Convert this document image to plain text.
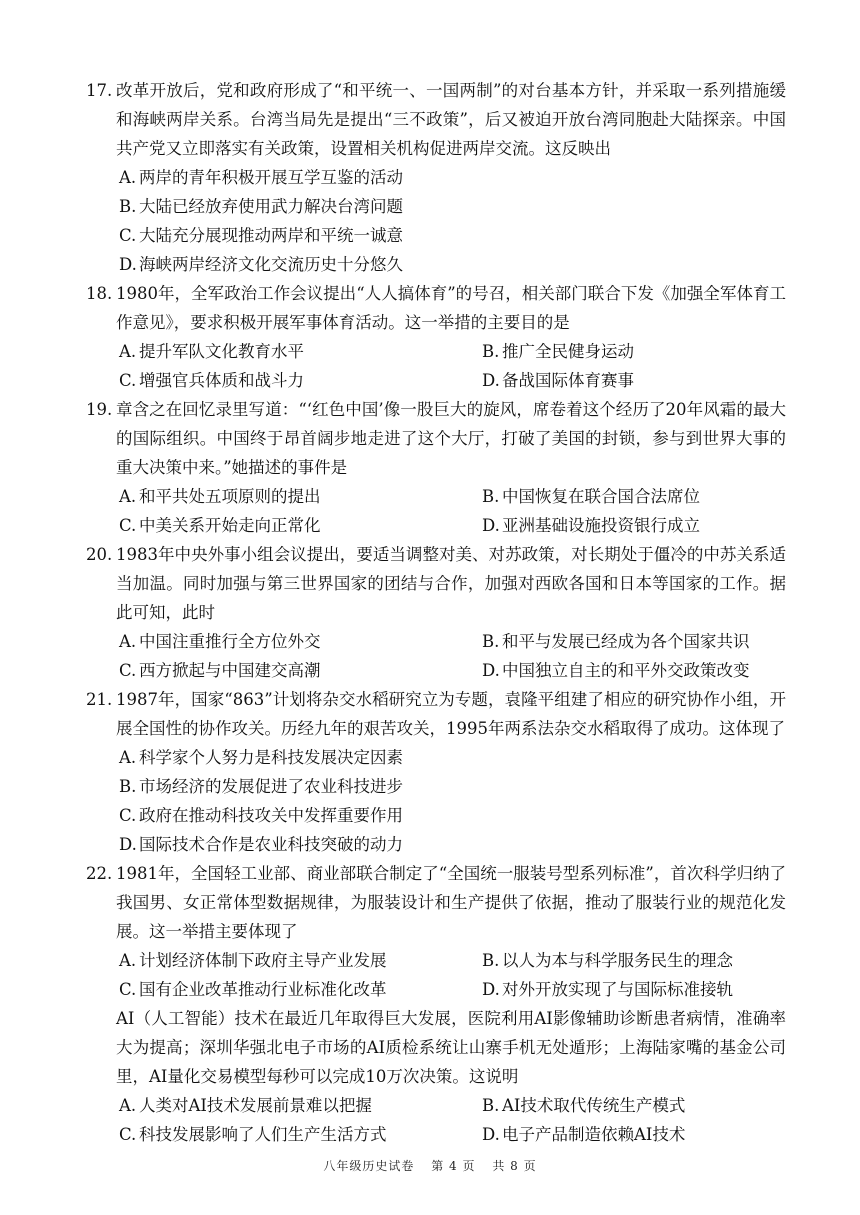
17. 改革开放后，党和政府形成了“和平统一、一国两制”的对台基本方针，并采取一系列措施缓和海峡两岸关系。台湾当局先是提出“三不政策”，后又被迫开放台湾同胞赴大陆探亲。中国共产党又立即落实有关政策，设置相关机构促进两岸交流。这反映出
A. 两岸的青年积极开展互学互鉴的活动
B. 大陆已经放弃使用武力解决台湾问题
C. 大陆充分展现推动两岸和平统一诚意
D. 海峡两岸经济文化交流历史十分悠久
18. 1980年，全军政治工作会议提出“人人搞体育”的号召，相关部门联合下发《加强全军体育工作意见》，要求积极开展军事体育活动。这一举措的主要目的是
A. 提升军队文化教育水平	B. 推广全民健身运动
C. 增强官兵体质和战斗力	D. 备战国际体育赛事
19. 章含之在回忆录里写道：“‘红色中国’像一股巨大的旋风，席卷着这个经历了20年风霜的最大的国际组织。中国终于昂首阔步地走进了这个大厅，打破了美国的封锁，参与到世界大事的重大决策中来。”她描述的事件是
A. 和平共处五项原则的提出	B. 中国恢复在联合国合法席位
C. 中美关系开始走向正常化	D. 亚洲基础设施投资银行成立
20. 1983年中央外事小组会议提出，要适当调整对美、对苏政策，对长期处于僵冷的中苏关系适当加温。同时加强与第三世界国家的团结与合作，加强对西欧各国和日本等国家的工作。据此可知，此时
A. 中国注重推行全方位外交	B. 和平与发展已经成为各个国家共识
C. 西方掀起与中国建交高潮	D. 中国独立自主的和平外交政策改变
21. 1987年，国家“863”计划将杂交水稻研究立为专题，袁隆平组建了相应的研究协作小组，开展全国性的协作攻关。历经九年的艰苦攻关，1995年两系法杂交水稻取得了成功。这体现了
A. 科学家个人努力是科技发展决定因素
B. 市场经济的发展促进了农业科技进步
C. 政府在推动科技攻关中发挥重要作用
D. 国际技术合作是农业科技突破的动力
22. 1981年，全国轻工业部、商业部联合制定了“全国统一服装号型系列标准”，首次科学归纳了我国男、女正常体型数据规律，为服装设计和生产提供了依据，推动了服装行业的规范化发展。这一举措主要体现了
A. 计划经济体制下政府主导产业发展	B. 以人为本与科学服务民生的理念
C. 国有企业改革推动行业标准化改革	D. 对外开放实现了与国际标准接轨
AI（人工智能）技术在最近几年取得巨大发展，医院利用AI影像辅助诊断患者病情，准确率大为提高；深圳华强北电子市场的AI质检系统让山寨手机无处遁形；上海陆家嘴的基金公司里，AI量化交易模型每秒可以完成10万次决策。这说明
A. 人类对AI技术发展前景难以把握	B. AI技术取代传统生产模式
C. 科技发展影响了人们生产生活方式	D. 电子产品制造依赖AI技术
八年级历史试卷 第 4 页 共 8 页
